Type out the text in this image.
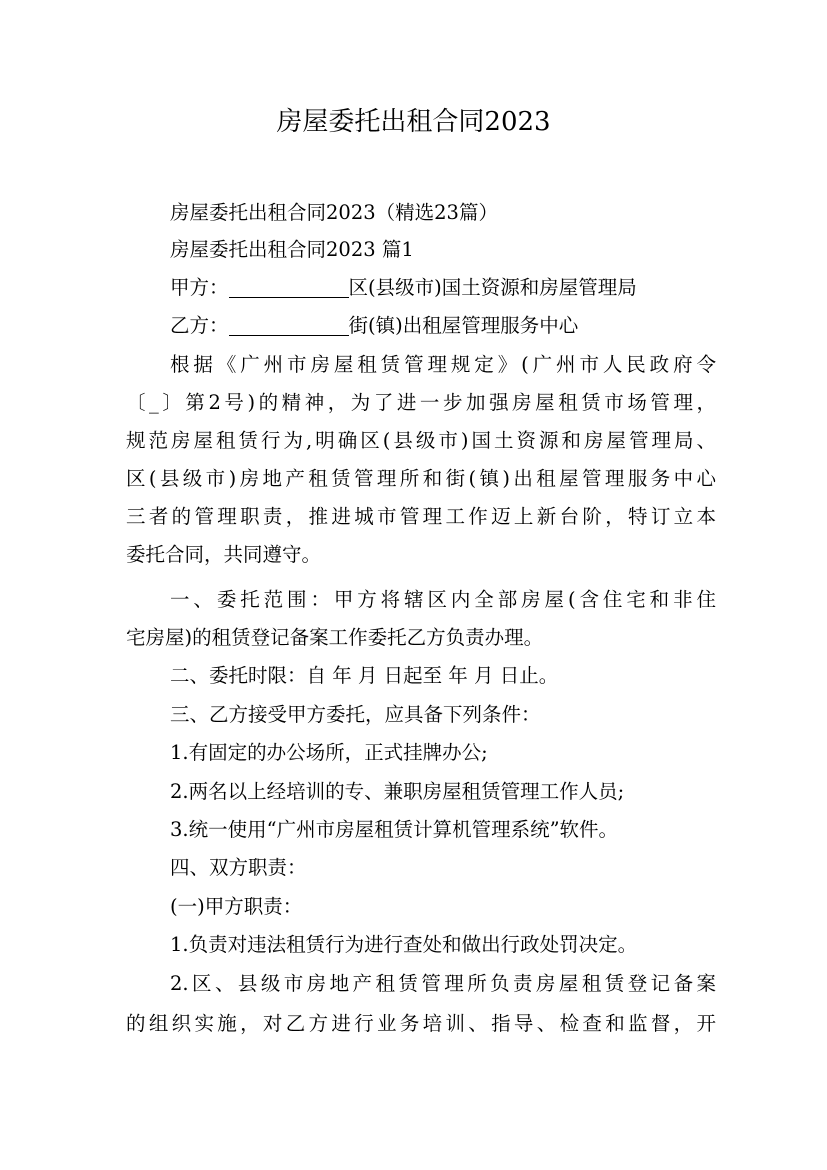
房屋委托出租合同2023

房屋委托出租合同2023（精选23篇）

房屋委托出租合同2023 篇1

甲方：	区(县级市)国土资源和房屋管理局

乙方：	街(镇)出租屋管理服务中心

根据《广州市房屋租赁管理规定》(广州市人民政府令

〔_〕第2号)的精神，为了进一步加强房屋租赁市场管理，

规范房屋租赁行为,明确区(县级市)国土资源和房屋管理局、

区(县级市)房地产租赁管理所和街(镇)出租屋管理服务中心

三者的管理职责，推进城市管理工作迈上新台阶，特订立本

委托合同，共同遵守。

一、委托范围：甲方将辖区内全部房屋(含住宅和非住

宅房屋)的租赁登记备案工作委托乙方负责办理。

二、委托时限：自 年 月 日起至 年 月 日止。

三、乙方接受甲方委托，应具备下列条件：

1.有固定的办公场所，正式挂牌办公;

2.两名以上经培训的专、兼职房屋租赁管理工作人员;

3.统一使用“广州市房屋租赁计算机管理系统”软件。

四、双方职责：

(一)甲方职责：

1.负责对违法租赁行为进行查处和做出行政处罚决定。

2.区、县级市房地产租赁管理所负责房屋租赁登记备案

的组织实施，对乙方进行业务培训、指导、检查和监督，开
